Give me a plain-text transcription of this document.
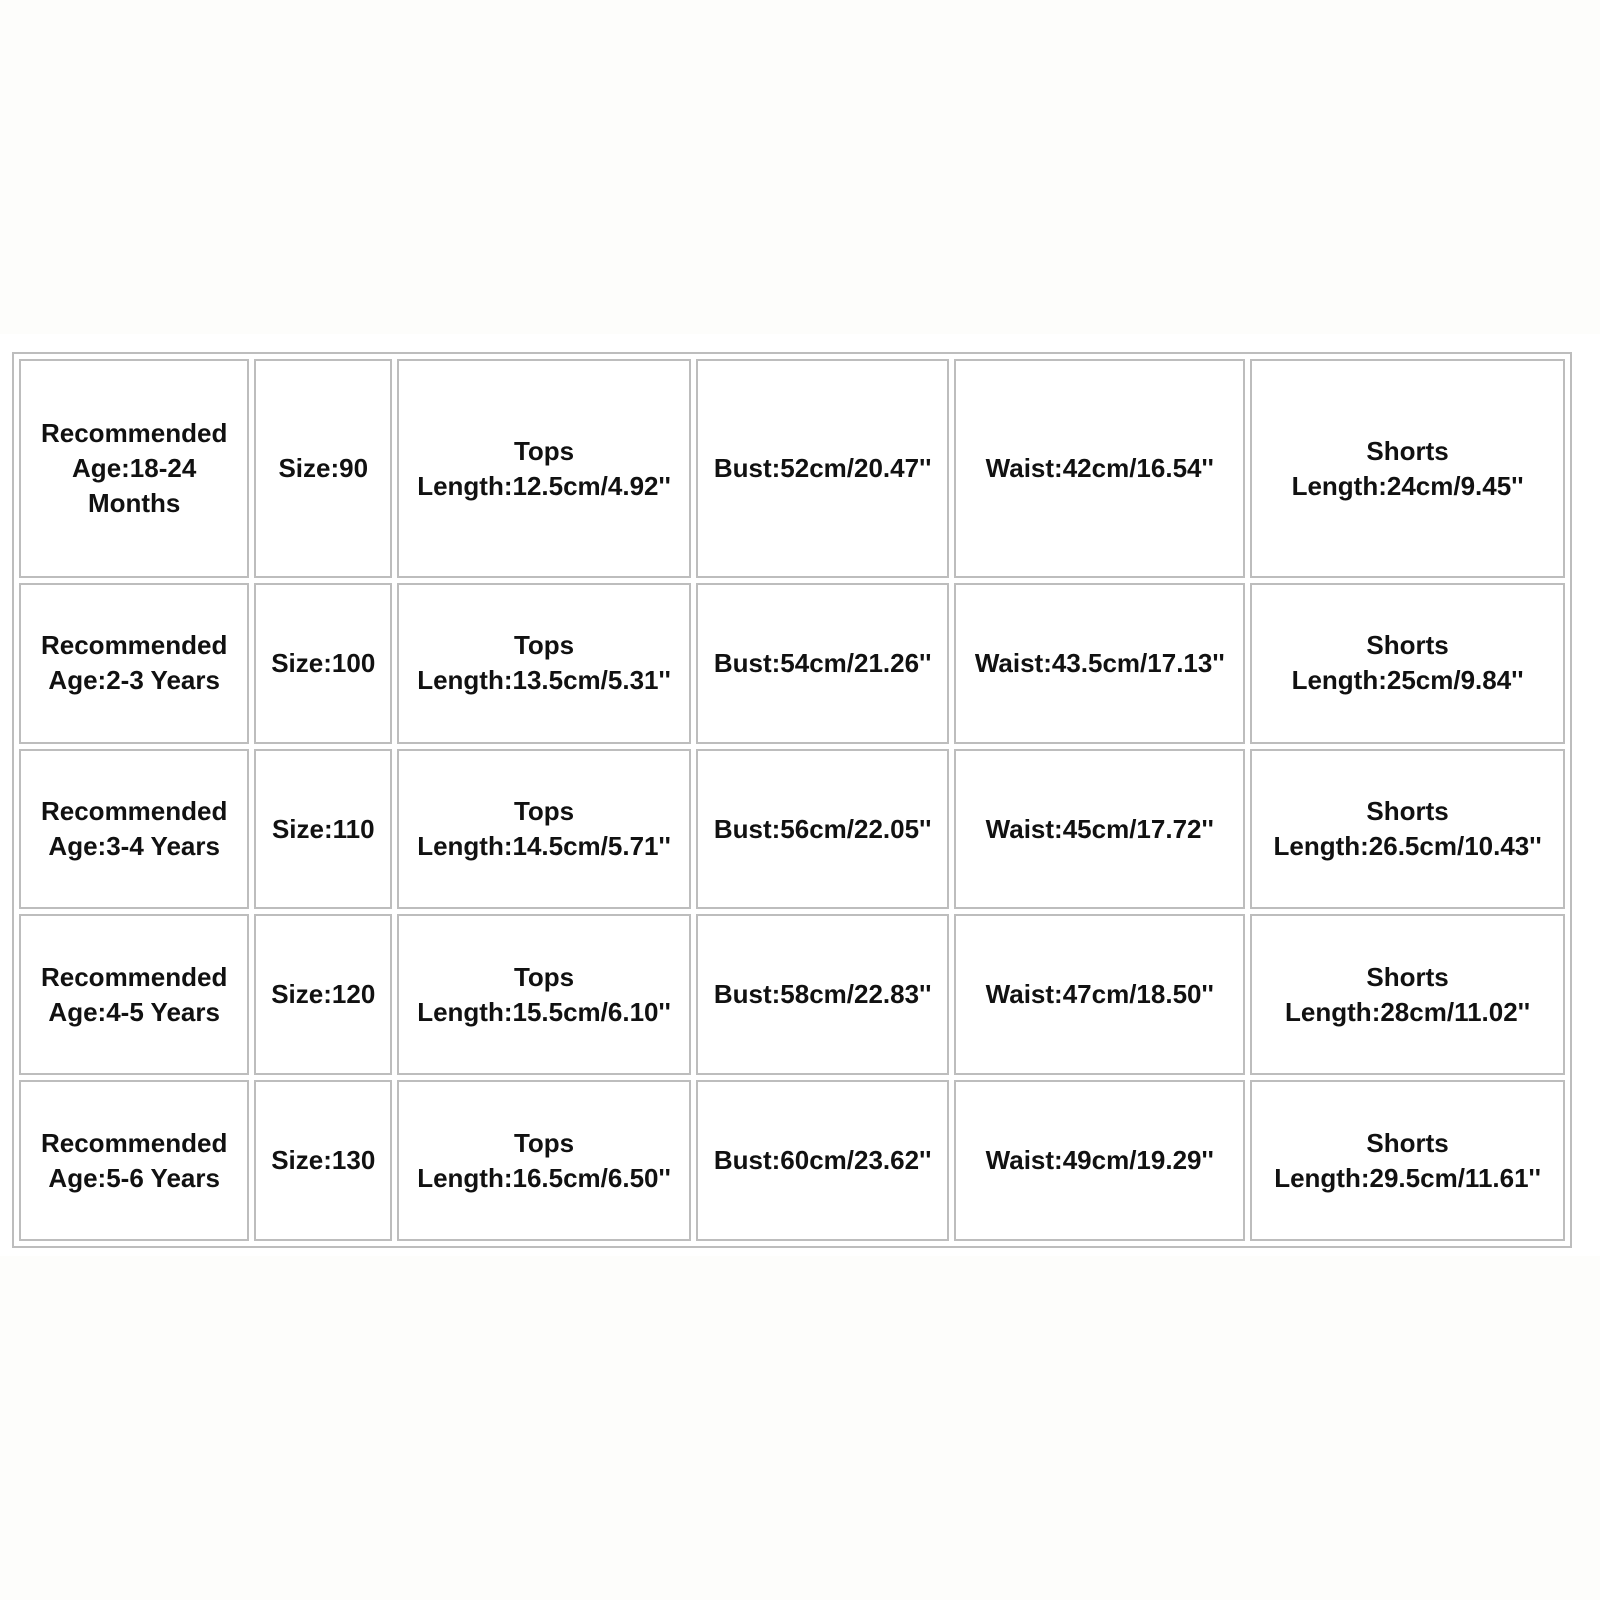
Recommended
Age:18-24
Months	Size:90	Tops
Length:12.5cm/4.92''	Bust:52cm/20.47''	Waist:42cm/16.54''	Shorts
Length:24cm/9.45''

Recommended
Age:2-3 Years	Size:100	Tops
Length:13.5cm/5.31''	Bust:54cm/21.26''	Waist:43.5cm/17.13''	Shorts
Length:25cm/9.84''

Recommended
Age:3-4 Years	Size:110	Tops
Length:14.5cm/5.71''	Bust:56cm/22.05''	Waist:45cm/17.72''	Shorts
Length:26.5cm/10.43''

Recommended
Age:4-5 Years	Size:120	Tops
Length:15.5cm/6.10''	Bust:58cm/22.83''	Waist:47cm/18.50''	Shorts
Length:28cm/11.02''

Recommended
Age:5-6 Years	Size:130	Tops
Length:16.5cm/6.50''	Bust:60cm/23.62''	Waist:49cm/19.29''	Shorts
Length:29.5cm/11.61''
